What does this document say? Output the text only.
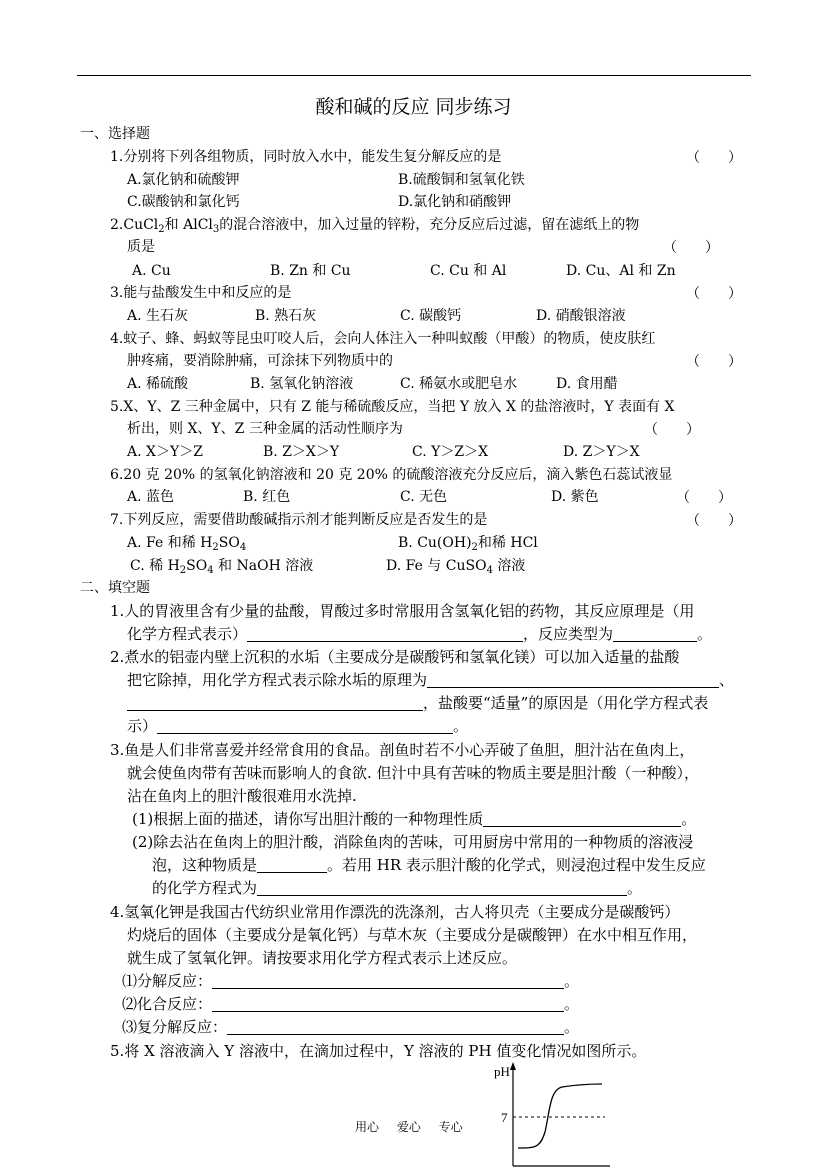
酸和碱的反应 同步练习
一、选择题
1.分别将下列各组物质，同时放入水中，能发生复分解反应的是	（　　）
A.氯化钠和硫酸钾	B.硫酸铜和氢氧化铁
C.碳酸钠和氯化钙	D.氯化钠和硝酸钾
2.CuCl$_2$和 AlCl$_3$的混合溶液中，加入过量的锌粉，充分反应后过滤，留在滤纸上的物
质是	（　　）
A. Cu	B. Zn 和 Cu	C. Cu 和 Al	D. Cu、Al 和 Zn
3.能与盐酸发生中和反应的是	（　　）
A. 生石灰	B. 熟石灰	C. 碳酸钙	D. 硝酸银溶液
4.蚊子、蜂、蚂蚁等昆虫叮咬人后，会向人体注入一种叫蚁酸（甲酸）的物质，使皮肤红
肿疼痛，要消除肿痛，可涂抹下列物质中的	（　　）
A. 稀硫酸	B. 氢氧化钠溶液	C. 稀氨水或肥皂水	D. 食用醋
5.X、Y、Z 三种金属中，只有 Z 能与稀硫酸反应，当把 Y 放入 X 的盐溶液时，Y 表面有 X
析出，则 X、Y、Z 三种金属的活动性顺序为	（　　）
A. X＞Y＞Z	B. Z＞X＞Y	C. Y＞Z＞X	D. Z＞Y＞X
6.20 克 20% 的氢氧化钠溶液和 20 克 20% 的硫酸溶液充分反应后，滴入紫色石蕊试液显
A. 蓝色	B. 红色	C. 无色	D. 紫色	（　　）
7.下列反应，需要借助酸碱指示剂才能判断反应是否发生的是	（　　）
A. Fe 和稀 $H_2SO_4$	B. $Cu(OH)_2$和稀 HCl
C. 稀 $H_2SO_4$ 和 NaOH 溶液	D. Fe 与 CuSO$_4$ 溶液
二、填空题
1.人的胃液里含有少量的盐酸，胃酸过多时常服用含氢氧化铝的药物，其反应原理是（用
化学方程式表示）	，反应类型为	。
2.煮水的铝壶内壁上沉积的水垢（主要成分是碳酸钙和氢氧化镁）可以加入适量的盐酸
把它除掉，用化学方程式表示除水垢的原理为	、
，盐酸要“适量”的原因是（用化学方程式表
示）	。
3.鱼是人们非常喜爱并经常食用的食品。剖鱼时若不小心弄破了鱼胆，胆汁沾在鱼肉上，
就会使鱼肉带有苦味而影响人的食欲. 但汁中具有苦味的物质主要是胆汁酸（一种酸），
沾在鱼肉上的胆汁酸很难用水洗掉.
(1)根据上面的描述，请你写出胆汁酸的一种物理性质	。
(2)除去沾在鱼肉上的胆汁酸，消除鱼肉的苦味，可用厨房中常用的一种物质的溶液浸
泡，这种物质是	。若用 HR 表示胆汁酸的化学式，则浸泡过程中发生反应
的化学方程式为	。
4.氢氧化钾是我国古代纺织业常用作漂洗的洗涤剂，古人将贝壳（主要成分是碳酸钙）
灼烧后的固体（主要成分是氧化钙）与草木灰（主要成分是碳酸钾）在水中相互作用，
就生成了氢氧化钾。请按要求用化学方程式表示上述反应。
⑴分解反应：	。
⑵化合反应：	。
⑶复分解反应：	。
5.将 X 溶液滴入 Y 溶液中，在滴加过程中，Y 溶液的 PH 值变化情况如图所示。
pH
7
用心 爱心 专心
